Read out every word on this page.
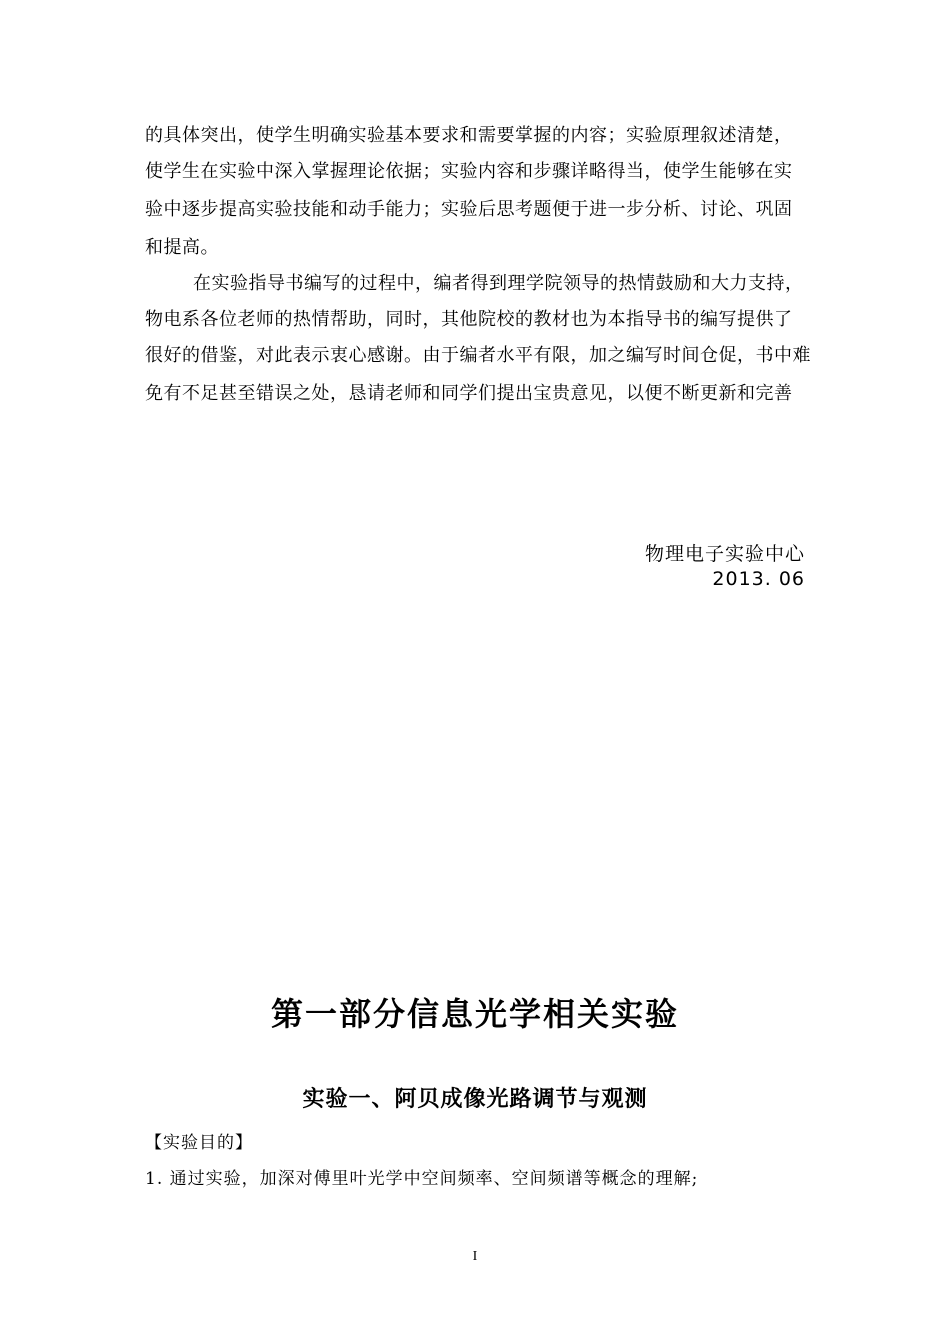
的具体突出，使学生明确实验基本要求和需要掌握的内容；实验原理叙述清楚，
使学生在实验中深入掌握理论依据；实验内容和步骤详略得当，使学生能够在实
验中逐步提高实验技能和动手能力；实验后思考题便于进一步分析、讨论、巩固
和提高。
在实验指导书编写的过程中，编者得到理学院领导的热情鼓励和大力支持，
物电系各位老师的热情帮助，同时，其他院校的教材也为本指导书的编写提供了
很好的借鉴，对此表示衷心感谢。由于编者水平有限，加之编写时间仓促，书中难
免有不足甚至错误之处，恳请老师和同学们提出宝贵意见，以便不断更新和完善
物理电子实验中心
2013. 06
第一部分信息光学相关实验
实验一、阿贝成像光路调节与观测
【实验目的】
1. 通过实验，加深对傅里叶光学中空间频率、空间频谱等概念的理解;
I
